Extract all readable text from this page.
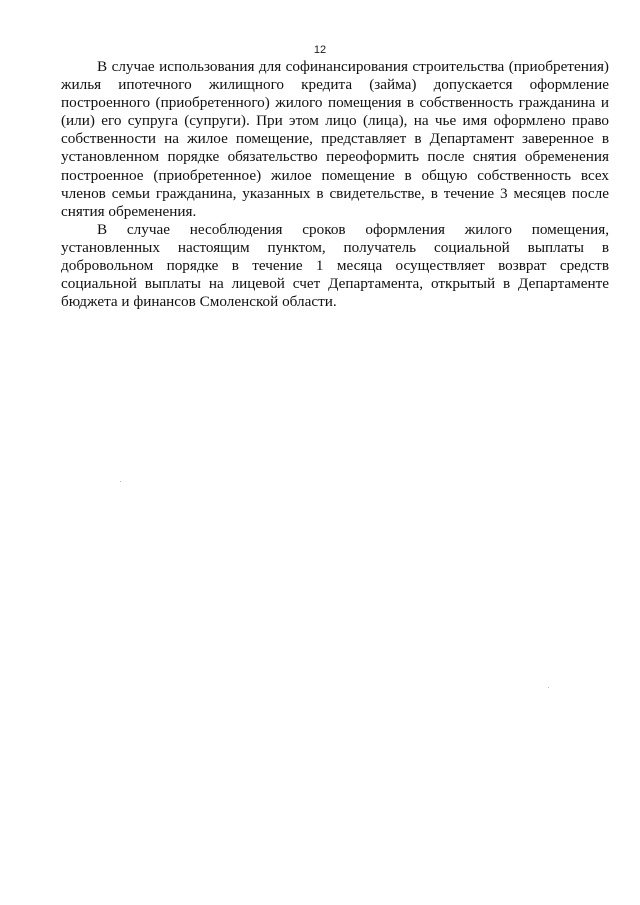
12

В случае использования для софинансирования строительства (приобретения) жилья ипотечного жилищного кредита (займа) допускается оформление построенного (приобретенного) жилого помещения в собственность гражданина и (или) его супруга (супруги). При этом лицо (лица), на чье имя оформлено право собственности на жилое помещение, представляет в Департамент заверенное в установленном порядке обязательство переоформить после снятия обременения построенное (приобретенное) жилое помещение в общую собственность всех членов семьи гражданина, указанных в свидетельстве, в течение 3 месяцев после снятия обременения.

В случае несоблюдения сроков оформления жилого помещения, установленных настоящим пунктом, получатель социальной выплаты в добровольном порядке в течение 1 месяца осуществляет возврат средств социальной выплаты на лицевой счет Департамента, открытый в Департаменте бюджета и финансов Смоленской области.
